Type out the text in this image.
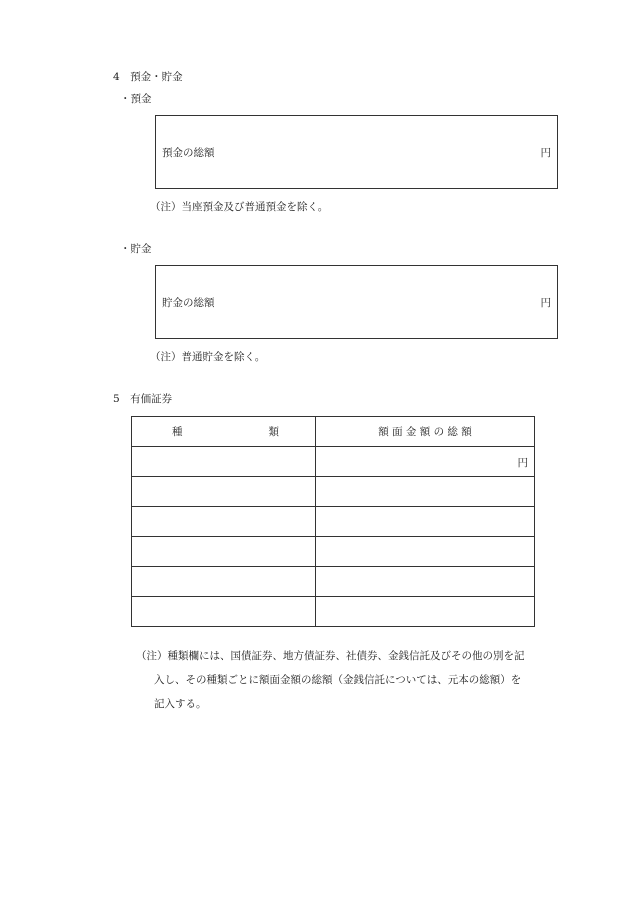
4　預金・貯金
・預金
預金の総額	円
（注）当座預金及び普通預金を除く。
・貯金
貯金の総額	円
（注）普通貯金を除く。
5　有価証券
種 類	額 面 金 額 の 総 額
	円

（注）種類欄には、国債証券、地方債証券、社債券、金銭信託及びその他の別を記
入し、その種類ごとに額面金額の総額（金銭信託については、元本の総額）を
記入する。
